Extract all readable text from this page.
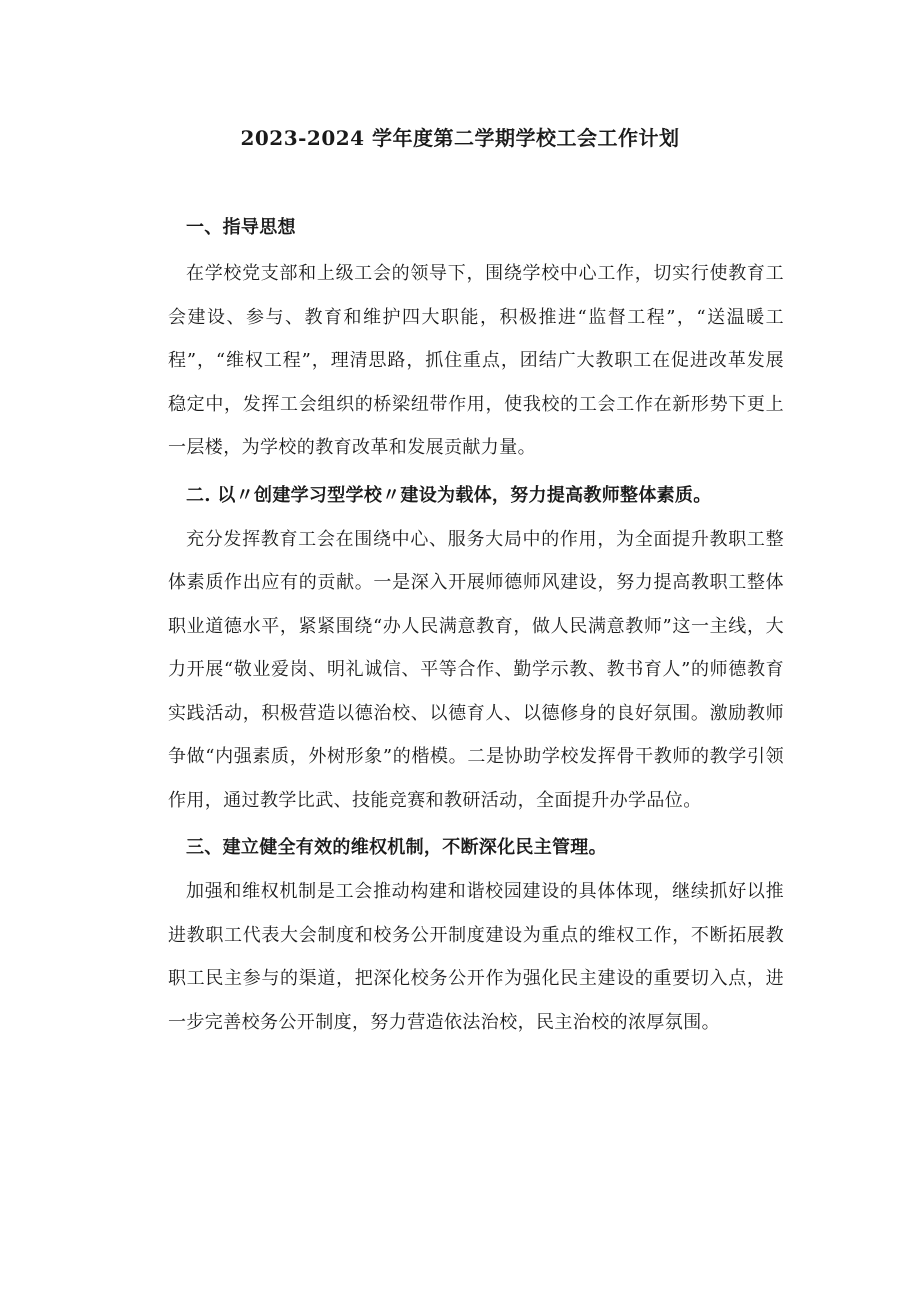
2023-2024 学年度第二学期学校工会工作计划

一、指导思想

在学校党支部和上级工会的领导下，围绕学校中心工作，切实行使教育工会建设、参与、教育和维护四大职能，积极推进“监督工程”，“送温暖工程”，“维权工程”，理清思路，抓住重点，团结广大教职工在促进改革发展稳定中，发挥工会组织的桥梁纽带作用，使我校的工会工作在新形势下更上一层楼，为学校的教育改革和发展贡献力量。

二. 以〃创建学习型学校〃建设为载体，努力提高教师整体素质。

充分发挥教育工会在围绕中心、服务大局中的作用，为全面提升教职工整体素质作出应有的贡献。一是深入开展师德师风建设，努力提高教职工整体职业道德水平，紧紧围绕“办人民满意教育，做人民满意教师”这一主线，大力开展“敬业爱岗、明礼诚信、平等合作、勤学示教、教书育人”的师德教育实践活动，积极营造以德治校、以德育人、以德修身的良好氛围。激励教师争做“内强素质，外树形象”的楷模。二是协助学校发挥骨干教师的教学引领作用，通过教学比武、技能竞赛和教研活动，全面提升办学品位。

三、建立健全有效的维权机制，不断深化民主管理。

加强和维权机制是工会推动构建和谐校园建设的具体体现，继续抓好以推进教职工代表大会制度和校务公开制度建设为重点的维权工作，不断拓展教职工民主参与的渠道，把深化校务公开作为强化民主建设的重要切入点，进一步完善校务公开制度，努力营造依法治校，民主治校的浓厚氛围。
